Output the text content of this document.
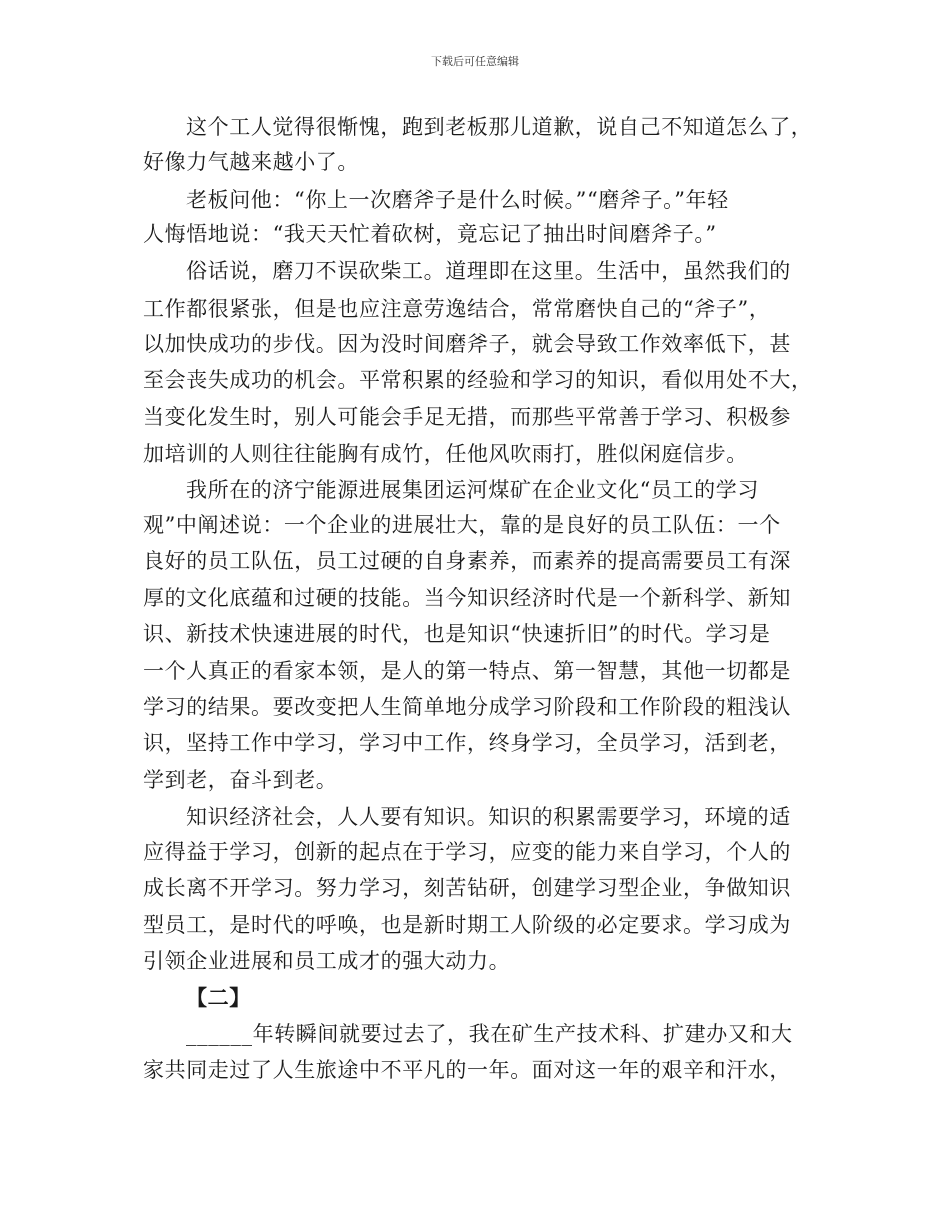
下载后可任意编辑
这个工人觉得很惭愧，跑到老板那儿道歉，说自己不知道怎么了，
好像力气越来越小了。
老板问他：“你上一次磨斧子是什么时候。”“磨斧子。”年轻
人悔悟地说：“我天天忙着砍树，竟忘记了抽出时间磨斧子。”
俗话说，磨刀不误砍柴工。道理即在这里。生活中，虽然我们的
工作都很紧张，但是也应注意劳逸结合，常常磨快自己的“斧子”，
以加快成功的步伐。因为没时间磨斧子，就会导致工作效率低下，甚
至会丧失成功的机会。平常积累的经验和学习的知识，看似用处不大，
当变化发生时，别人可能会手足无措，而那些平常善于学习、积极参
加培训的人则往往能胸有成竹，任他风吹雨打，胜似闲庭信步。
我所在的济宁能源进展集团运河煤矿在企业文化“员工的学习
观”中阐述说：一个企业的进展壮大，靠的是良好的员工队伍：一个
良好的员工队伍，员工过硬的自身素养，而素养的提高需要员工有深
厚的文化底蕴和过硬的技能。当今知识经济时代是一个新科学、新知
识、新技术快速进展的时代，也是知识“快速折旧”的时代。学习是
一个人真正的看家本领，是人的第一特点、第一智慧，其他一切都是
学习的结果。要改变把人生简单地分成学习阶段和工作阶段的粗浅认
识，坚持工作中学习，学习中工作，终身学习，全员学习，活到老，
学到老，奋斗到老。
知识经济社会，人人要有知识。知识的积累需要学习，环境的适
应得益于学习，创新的起点在于学习，应变的能力来自学习，个人的
成长离不开学习。努力学习，刻苦钻研，创建学习型企业，争做知识
型员工，是时代的呼唤，也是新时期工人阶级的必定要求。学习成为
引领企业进展和员工成才的强大动力。
【二】
______年转瞬间就要过去了，我在矿生产技术科、扩建办又和大
家共同走过了人生旅途中不平凡的一年。面对这一年的艰辛和汗水，
